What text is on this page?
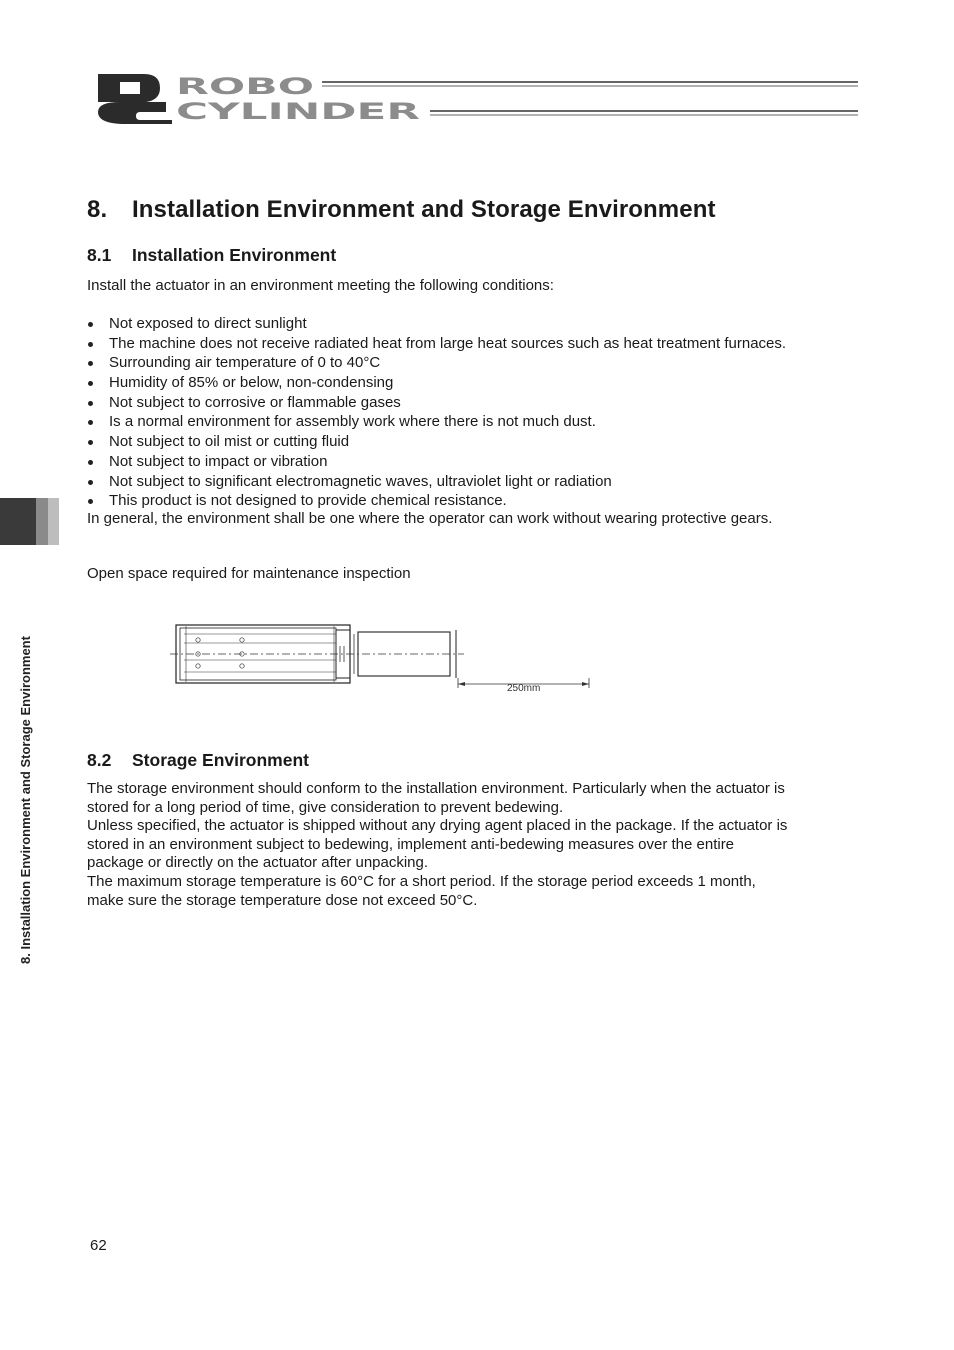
ROBO
CYLINDER
8. Installation Environment and Storage Environment
8.1 Installation Environment
Install the actuator in an environment meeting the following conditions:
Not exposed to direct sunlight
The machine does not receive radiated heat from large heat sources such as heat treatment furnaces.
Surrounding air temperature of 0 to 40°C
Humidity of 85% or below, non-condensing
Not subject to corrosive or flammable gases
Is a normal environment for assembly work where there is not much dust.
Not subject to oil mist or cutting fluid
Not subject to impact or vibration
Not subject to significant electromagnetic waves, ultraviolet light or radiation
This product is not designed to provide chemical resistance.
In general, the environment shall be one where the operator can work without wearing protective gears.
Open space required for maintenance inspection
250mm
8.2 Storage Environment

The storage environment should conform to the installation environment. Particularly when the actuator is

stored for a long period of time, give consideration to prevent bedewing.

Unless specified, the actuator is shipped without any drying agent placed in the package. If the actuator is

stored in an environment subject to bedewing, implement anti-bedewing measures over the entire

package or directly on the actuator after unpacking.

The maximum storage temperature is 60°C for a short period. If the storage period exceeds 1 month,

make sure the storage temperature dose not exceed 50°C.

8. Installation Environment and Storage Environment
62
